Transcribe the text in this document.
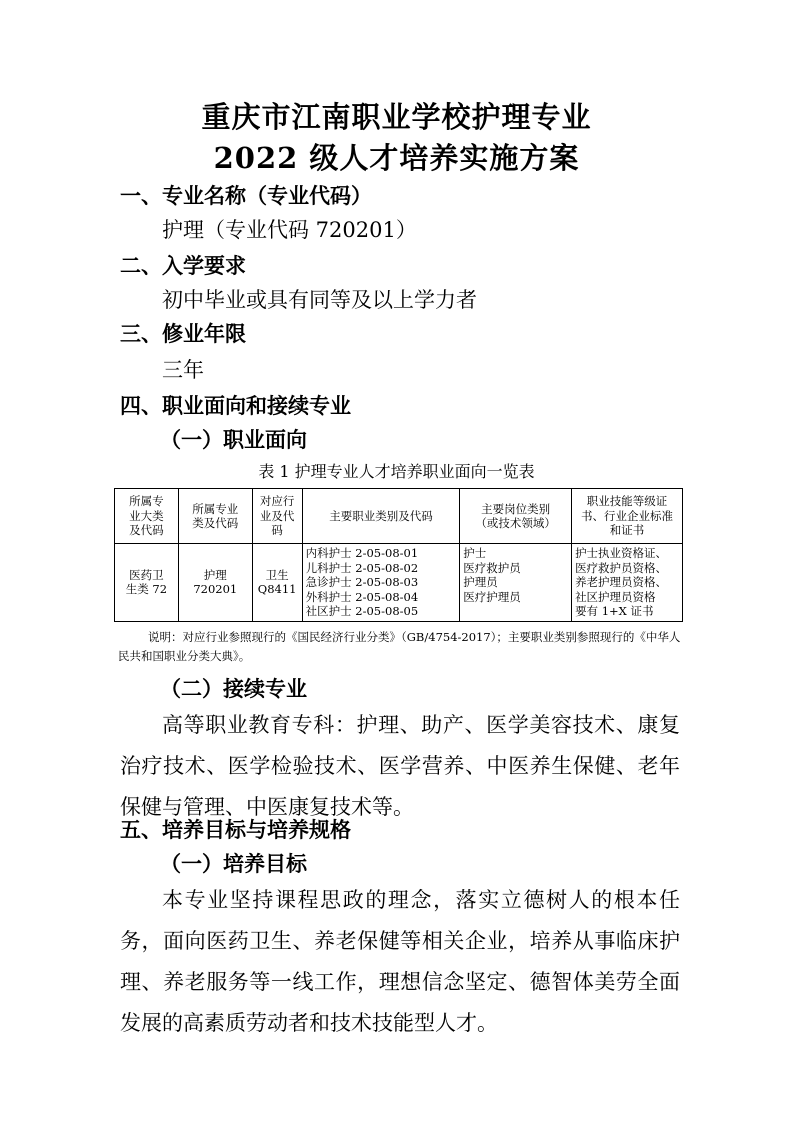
重庆市江南职业学校护理专业
2022 级人才培养实施方案
一、专业名称（专业代码）
护理（专业代码 720201）
二、入学要求
初中毕业或具有同等及以上学力者
三、修业年限
三年
四、职业面向和接续专业
（一）职业面向
表 1 护理专业人才培养职业面向一览表
所属专
业大类
及代码	所属专业
类及代码	对应行
业及代
码	主要职业类别及代码	主要岗位类别
（或技术领域）	职业技能等级证
书、行业企业标准
和证书

医药卫
生类 72	护理
720201	卫生
Q8411	内科护士 2-05-08-01
儿科护士 2-05-08-02
急诊护士 2-05-08-03
外科护士 2-05-08-04
社区护士 2-05-08-05	护士
医疗救护员
护理员
医疗护理员	护士执业资格证、
医疗救护员资格、
养老护理员资格、
社区护理员资格
要有 1+X 证书
说明：对应行业参照现行的《国民经济行业分类》（GB/4754-2017）；主要职业类别参照现行的《中华人民共和国职业分类大典》。
（二）接续专业
高等职业教育专科：护理、助产、医学美容技术、康复治疗技术、医学检验技术、医学营养、中医养生保健、老年保健与管理、中医康复技术等。
五、培养目标与培养规格
（一）培养目标
本专业坚持课程思政的理念，落实立德树人的根本任务，面向医药卫生、养老保健等相关企业，培养从事临床护理、养老服务等一线工作，理想信念坚定、德智体美劳全面发展的高素质劳动者和技术技能型人才。
